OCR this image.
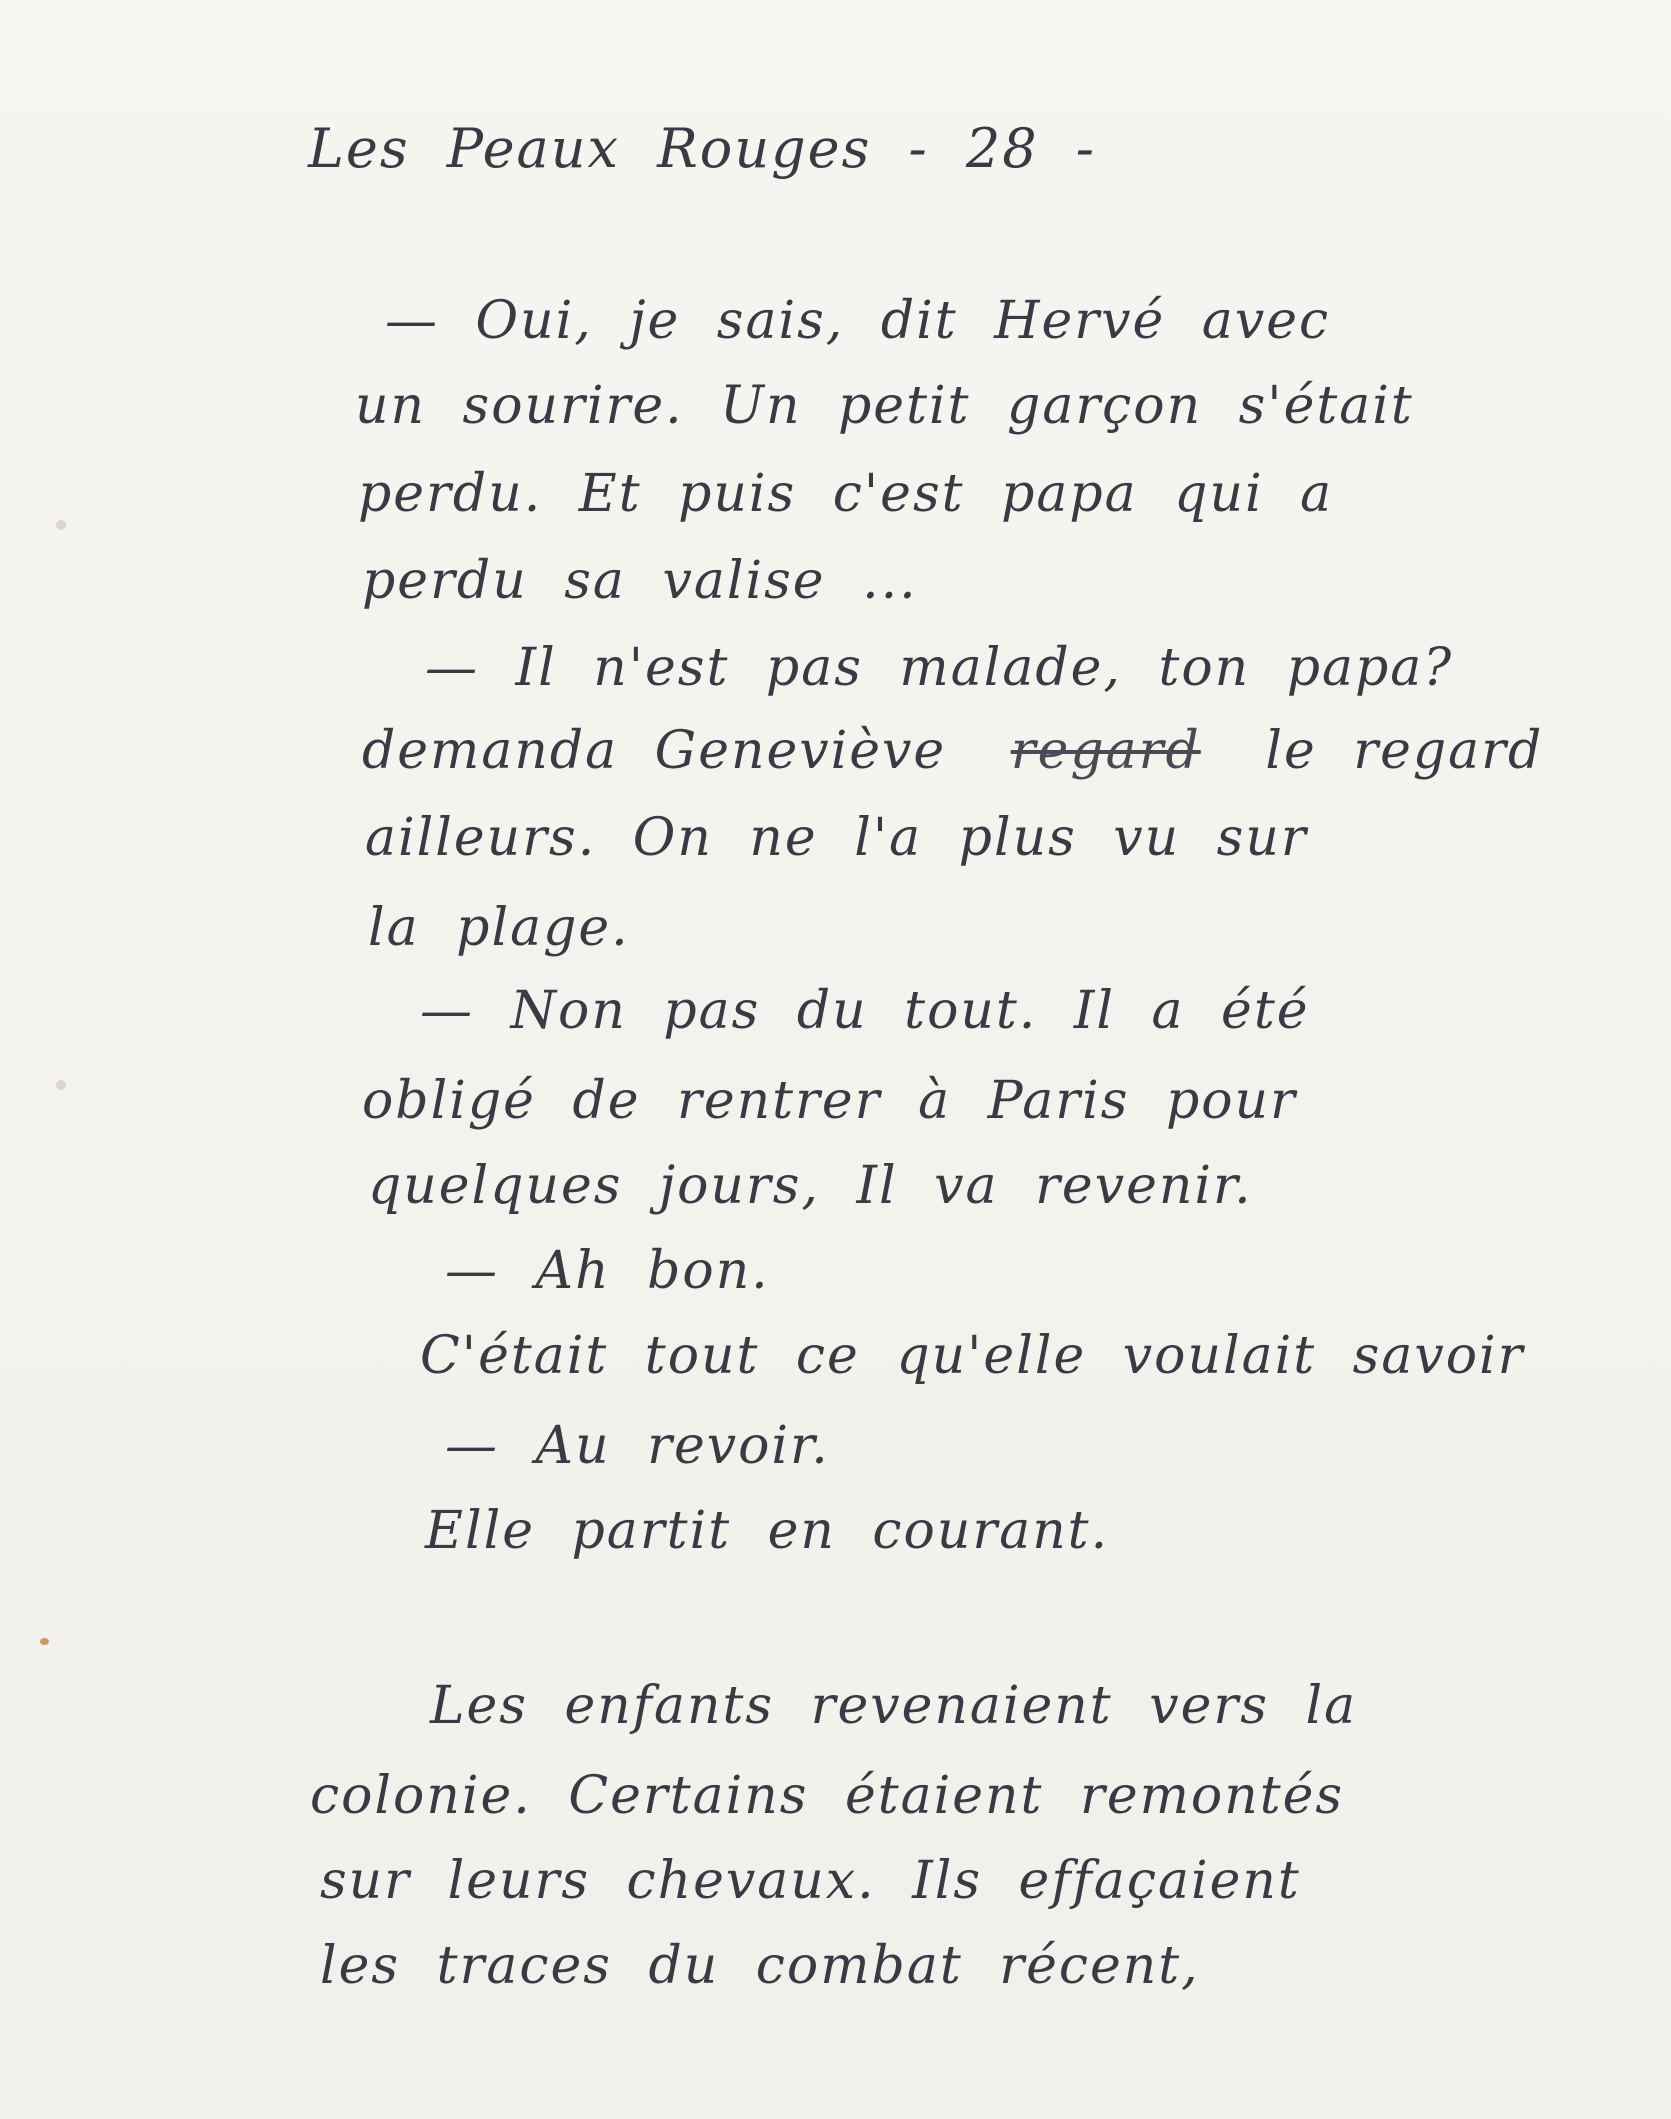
Les Peaux Rouges - 28 -
— Oui, je sais, dit Hervé avec
un sourire. Un petit garçon s'était
perdu. Et puis c'est papa qui a
perdu sa valise ...
— Il n'est pas malade, ton papa?
demanda Geneviève regard le regard
ailleurs. On ne l'a plus vu sur
la plage.
— Non pas du tout. Il a été
obligé de rentrer à Paris pour
quelques jours, Il va revenir.
— Ah bon.
C'était tout ce qu'elle voulait savoir
— Au revoir.
Elle partit en courant.
Les enfants revenaient vers la
colonie. Certains étaient remontés
sur leurs chevaux. Ils effaçaient
les traces du combat récent,
